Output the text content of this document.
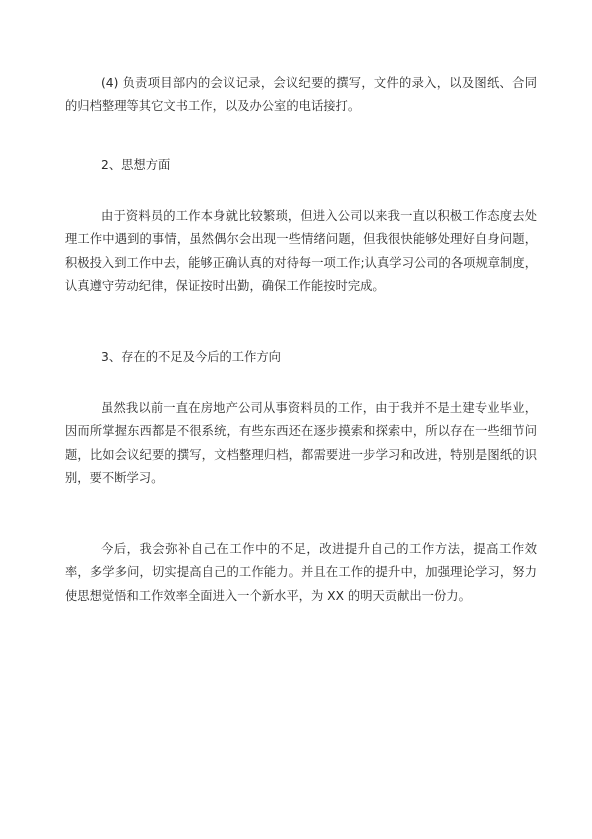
(4) 负责项目部内的会议记录，会议纪要的撰写，文件的录入，以及图纸、合同的归档整理等其它文书工作，以及办公室的电话接打。

2、思想方面

由于资料员的工作本身就比较繁琐，但进入公司以来我一直以积极工作态度去处理工作中遇到的事情，虽然偶尔会出现一些情绪问题，但我很快能够处理好自身问题，积极投入到工作中去，能够正确认真的对待每一项工作;认真学习公司的各项规章制度，认真遵守劳动纪律，保证按时出勤，确保工作能按时完成。

3、存在的不足及今后的工作方向

虽然我以前一直在房地产公司从事资料员的工作，由于我并不是土建专业毕业，因而所掌握东西都是不很系统，有些东西还在逐步摸索和探索中，所以存在一些细节问题，比如会议纪要的撰写，文档整理归档，都需要进一步学习和改进，特别是图纸的识别，要不断学习。

今后，我会弥补自己在工作中的不足，改进提升自己的工作方法，提高工作效率，多学多问，切实提高自己的工作能力。并且在工作的提升中，加强理论学习，努力使思想觉悟和工作效率全面进入一个新水平，为 XX 的明天贡献出一份力。
